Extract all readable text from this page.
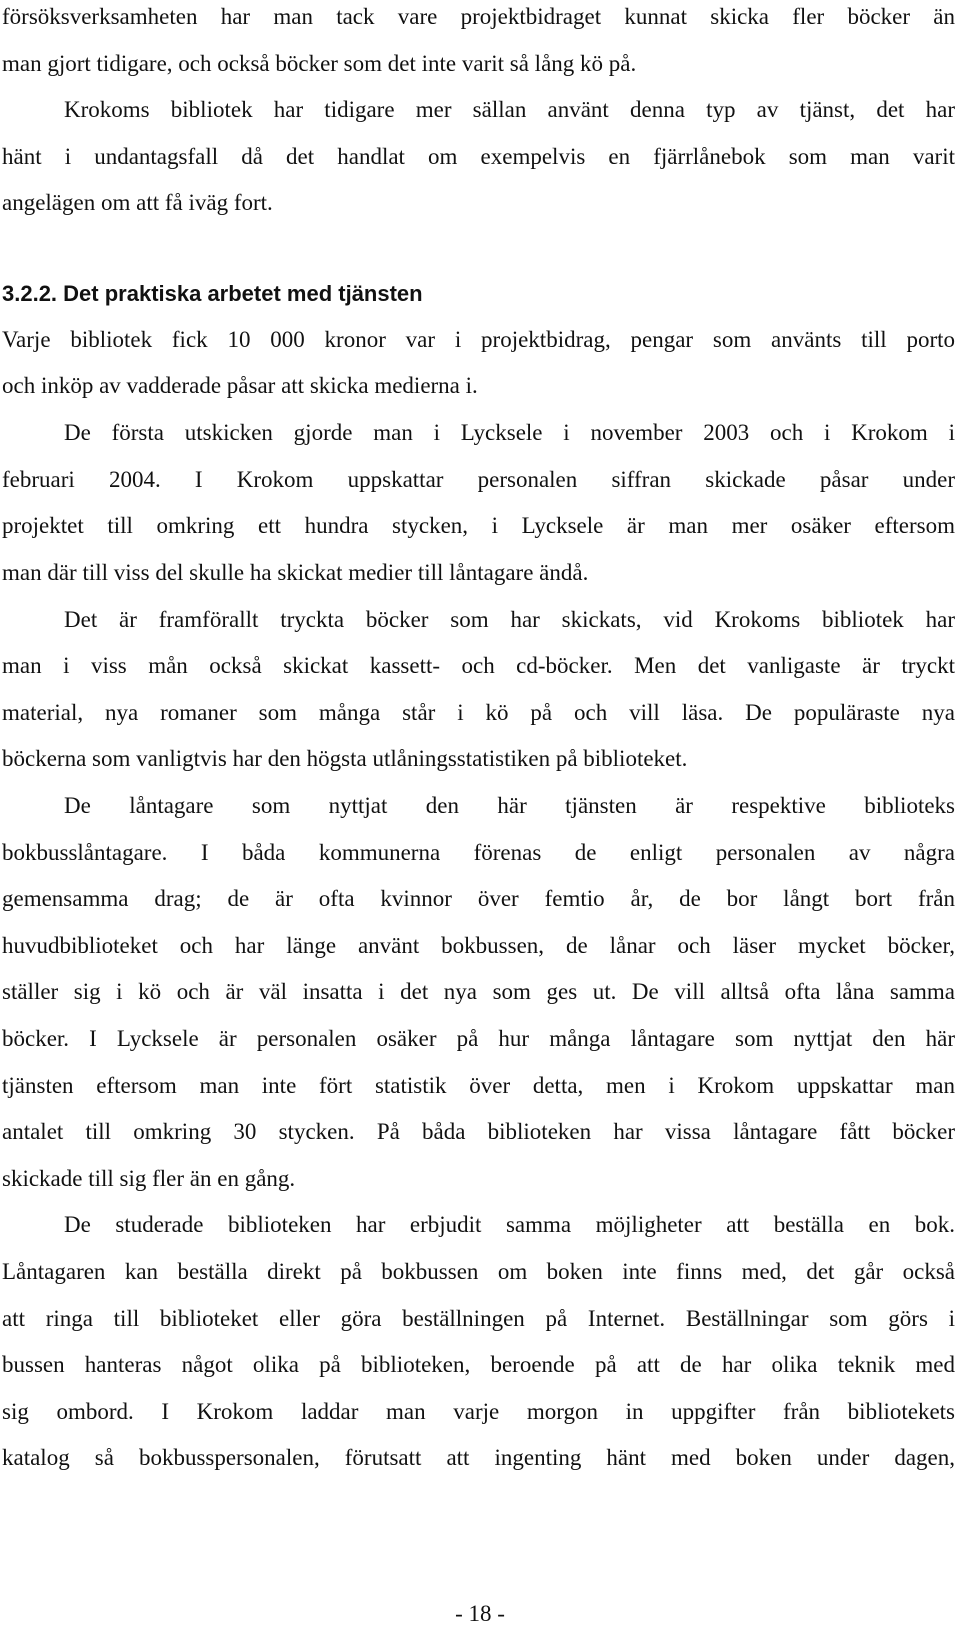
försöksverksamheten har man tack vare projektbidraget kunnat skicka fler böcker än
man gjort tidigare, och också böcker som det inte varit så lång kö på.
Krokoms bibliotek har tidigare mer sällan använt denna typ av tjänst, det har
hänt i undantagsfall då det handlat om exempelvis en fjärrlånebok som man varit
angelägen om att få iväg fort.
3.2.2. Det praktiska arbetet med tjänsten
Varje bibliotek fick 10 000 kronor var i projektbidrag, pengar som använts till porto
och inköp av vadderade påsar att skicka medierna i.
De första utskicken gjorde man i Lycksele i november 2003 och i Krokom i
februari 2004. I Krokom uppskattar personalen siffran skickade påsar under
projektet till omkring ett hundra stycken, i Lycksele är man mer osäker eftersom
man där till viss del skulle ha skickat medier till låntagare ändå.
Det är framförallt tryckta böcker som har skickats, vid Krokoms bibliotek har
man i viss mån också skickat kassett- och cd-böcker. Men det vanligaste är tryckt
material, nya romaner som många står i kö på och vill läsa. De populäraste nya
böckerna som vanligtvis har den högsta utlåningsstatistiken på biblioteket.
De låntagare som nyttjat den här tjänsten är respektive biblioteks
bokbusslåntagare. I båda kommunerna förenas de enligt personalen av några
gemensamma drag; de är ofta kvinnor över femtio år, de bor långt bort från
huvudbiblioteket och har länge använt bokbussen, de lånar och läser mycket böcker,
ställer sig i kö och är väl insatta i det nya som ges ut. De vill alltså ofta låna samma
böcker. I Lycksele är personalen osäker på hur många låntagare som nyttjat den här
tjänsten eftersom man inte fört statistik över detta, men i Krokom uppskattar man
antalet till omkring 30 stycken. På båda biblioteken har vissa låntagare fått böcker
skickade till sig fler än en gång.
De studerade biblioteken har erbjudit samma möjligheter att beställa en bok.
Låntagaren kan beställa direkt på bokbussen om boken inte finns med, det går också
att ringa till biblioteket eller göra beställningen på Internet. Beställningar som görs i
bussen hanteras något olika på biblioteken, beroende på att de har olika teknik med
sig ombord. I Krokom laddar man varje morgon in uppgifter från bibliotekets
katalog så bokbusspersonalen, förutsatt att ingenting hänt med boken under dagen,
- 18 -
